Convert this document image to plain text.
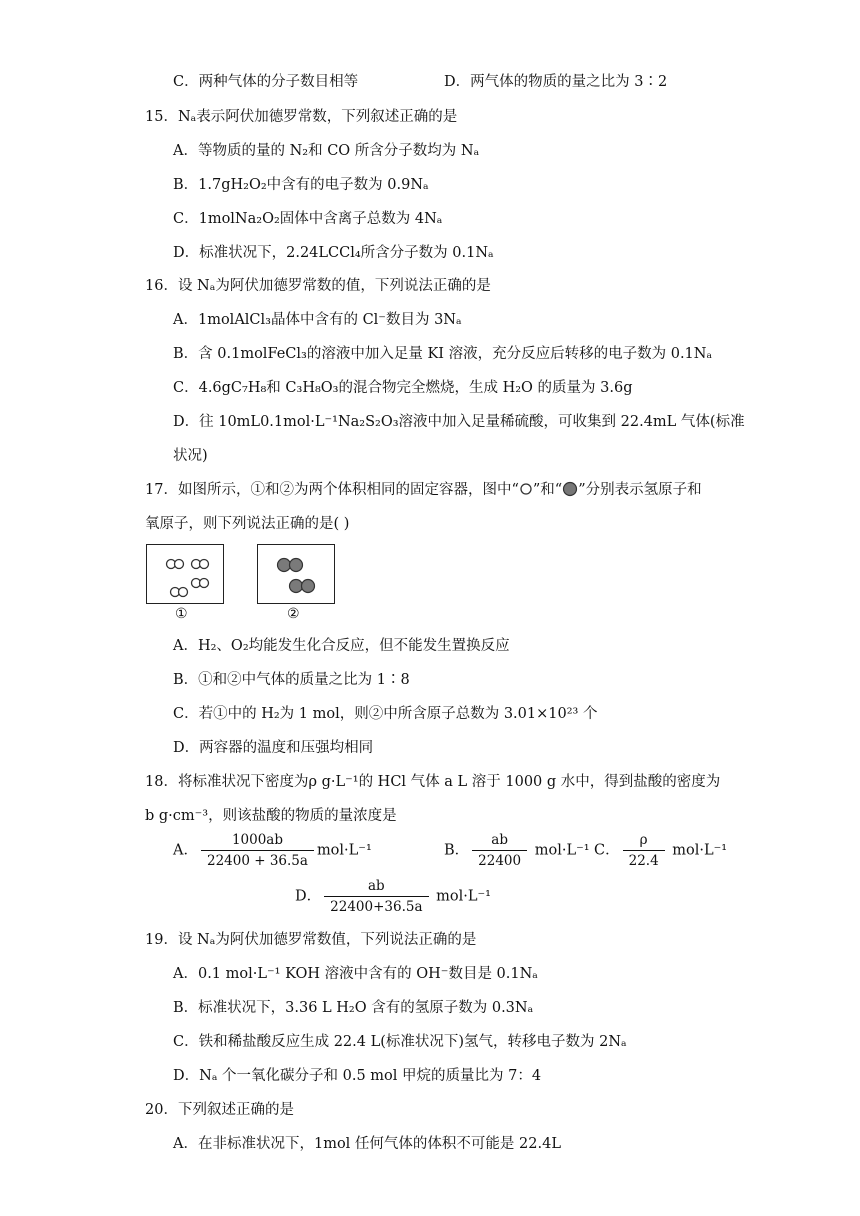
C．两种气体的分子数目相等	D．两气体的物质的量之比为 3∶2
15．Nₐ表示阿伏加德罗常数，下列叙述正确的是
A．等物质的量的 N₂和 CO 所含分子数均为 Nₐ
B．1.7gH₂O₂中含有的电子数为 0.9Nₐ
C．1molNa₂O₂固体中含离子总数为 4Nₐ
D．标准状况下，2.24LCCl₄所含分子数为 0.1Nₐ
16．设 Nₐ为阿伏加德罗常数的值，下列说法正确的是
A．1molAlCl₃晶体中含有的 Cl⁻数目为 3Nₐ
B．含 0.1molFeCl₃的溶液中加入足量 KI 溶液，充分反应后转移的电子数为 0.1Nₐ
C．4.6gC₇H₈和 C₃H₈O₃的混合物完全燃烧，生成 H₂O 的质量为 3.6g
D．往 10mL0.1mol·L⁻¹Na₂S₂O₃溶液中加入足量稀硫酸，可收集到 22.4mL 气体(标准
状况)
17．如图所示，①和②为两个体积相同的固定容器，图中“ ”和“ ”分别表示氢原子和
氧原子，则下列说法正确的是( )
①	②
A．H₂、O₂均能发生化合反应，但不能发生置换反应
B．①和②中气体的质量之比为 1∶8
C．若①中的 H₂为 1 mol，则②中所含原子总数为 3.01×10²³ 个
D．两容器的温度和压强均相同
18．将标准状况下密度为ρ g·L⁻¹的 HCl 气体 a L 溶于 1000 g 水中，得到盐酸的密度为
b g·cm⁻³，则该盐酸的物质的量浓度是
A． $\frac{1000ab}{22400 + 36.5a} mol\cdot L^{-1}$	B． $\frac{ab}{22400} mol\cdot L^{-1}$ C． $\frac{\rho}{22.4} mol\cdot L^{-1}$
D． $\frac{ab}{22400+36.5a} mol\cdot L^{-1}$
19．设 Nₐ为阿伏加德罗常数值，下列说法正确的是
A．0.1 mol·L⁻¹ KOH 溶液中含有的 OH⁻数目是 0.1Nₐ
B．标准状况下，3.36 L H₂O 含有的氢原子数为 0.3Nₐ
C．铁和稀盐酸反应生成 22.4 L(标准状况下)氢气，转移电子数为 2Nₐ
D．Nₐ 个一氧化碳分子和 0.5 mol 甲烷的质量比为 7：4
20．下列叙述正确的是
A．在非标准状况下，1mol 任何气体的体积不可能是 22.4L
